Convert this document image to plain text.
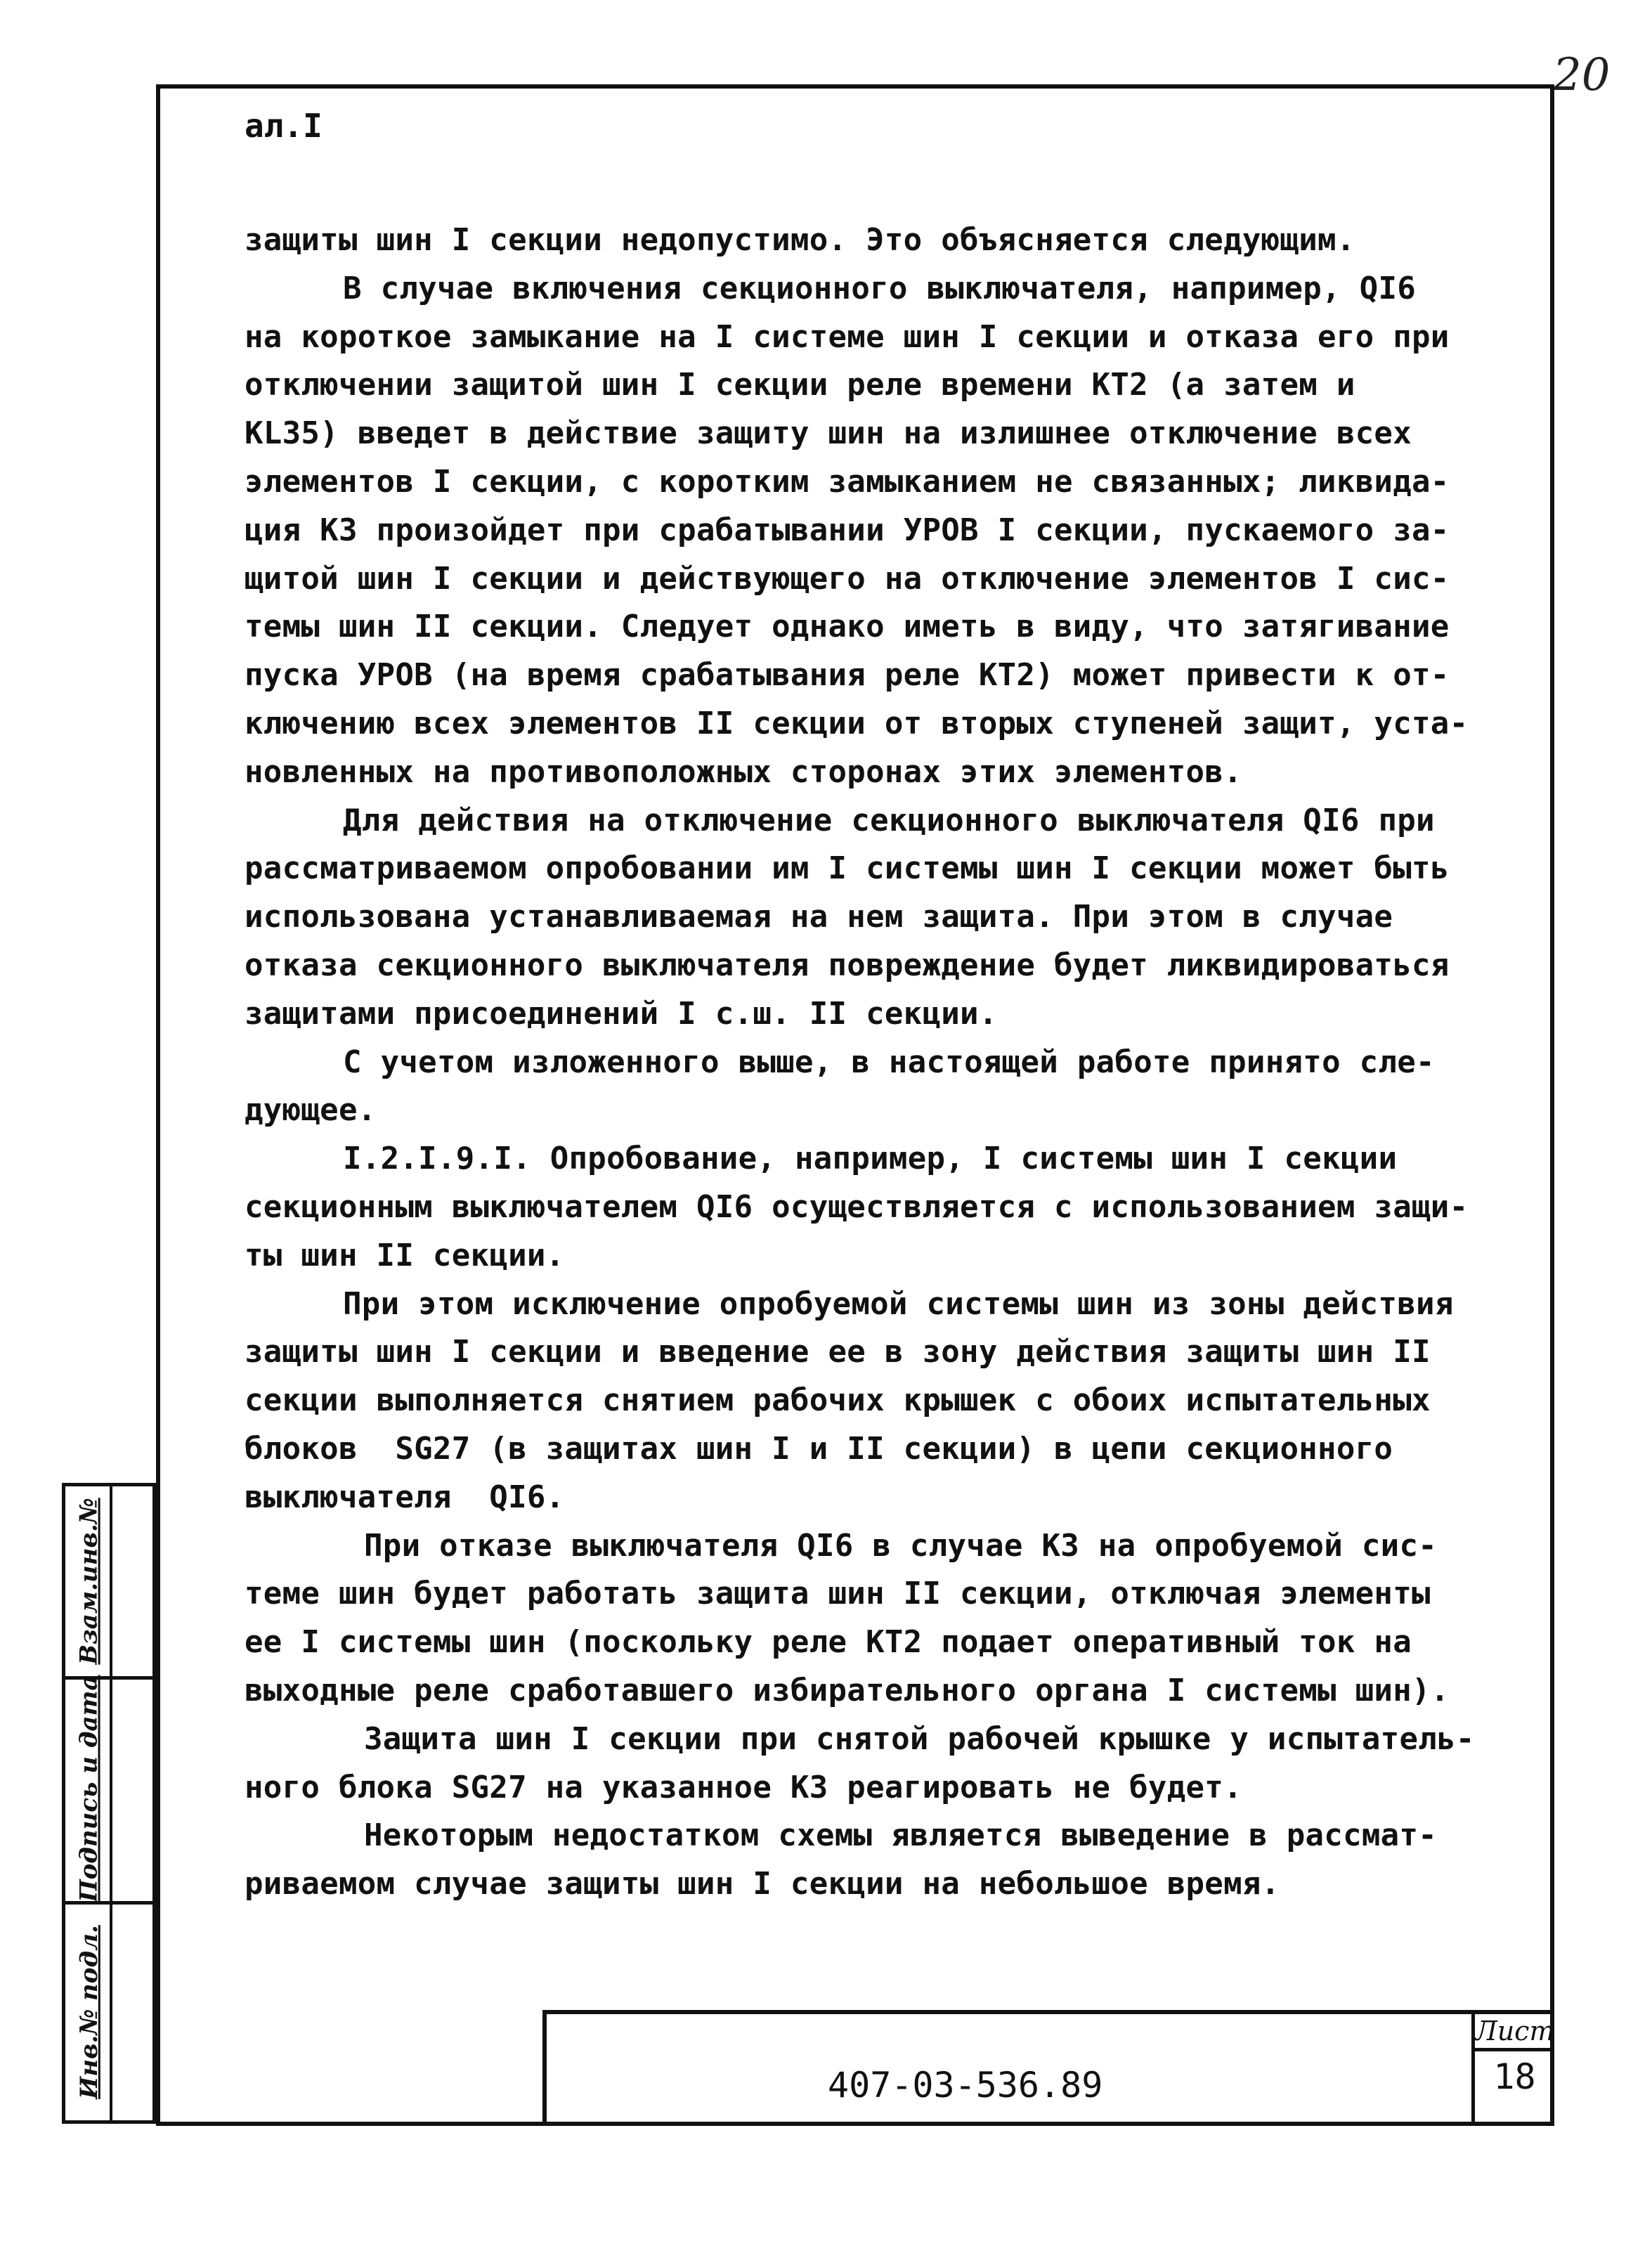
20
ал.I
защиты шин I секции недопустимо. Это объясняется следующим.
В случае включения секционного выключателя, например, QI6
на короткое замыкание на I системе шин I секции и отказа его при
отключении защитой шин I секции реле времени КТ2 (а затем и
KL35) введет в действие защиту шин на излишнее отключение всех
элементов I секции, с коротким замыканием не связанных; ликвида-
ция КЗ произойдет при срабатывании УРОВ I секции, пускаемого за-
щитой шин I секции и действующего на отключение элементов I сис-
темы шин II секции. Следует однако иметь в виду, что затягивание
пуска УРОВ (на время срабатывания реле КТ2) может привести к от-
ключению всех элементов II секции от вторых ступеней защит, уста-
новленных на противоположных сторонах этих элементов.
Для действия на отключение секционного выключателя QI6 при
рассматриваемом опробовании им I системы шин I секции может быть
использована устанавливаемая на нем защита. При этом в случае
отказа секционного выключателя повреждение будет ликвидироваться
защитами присоединений I с.ш. II секции.
С учетом изложенного выше, в настоящей работе принято сле-
дующее.
I.2.I.9.I. Опробование, например, I системы шин I секции
секционным выключателем QI6 осуществляется с использованием защи-
ты шин II секции.
При этом исключение опробуемой системы шин из зоны действия
защиты шин I секции и введение ее в зону действия защиты шин II
секции выполняется снятием рабочих крышек с обоих испытательных
блоков  SG27 (в защитах шин I и II секции) в цепи секционного
выключателя  QI6.
При отказе выключателя QI6 в случае КЗ на опробуемой сис-
теме шин будет работать защита шин II секции, отключая элементы
ее I системы шин (поскольку реле КТ2 подает оперативный ток на
выходные реле сработавшего избирательного органа I системы шин).
Защита шин I секции при снятой рабочей крышке у испытатель-
ного блока SG27 на указанное КЗ реагировать не будет.
Некоторым недостатком схемы является выведение в рассмат-
риваемом случае защиты шин I секции на небольшое время.
Взам.инв.№
Подпись и дата
Инв.№ подл.	407-03-536.89
Лист
18
